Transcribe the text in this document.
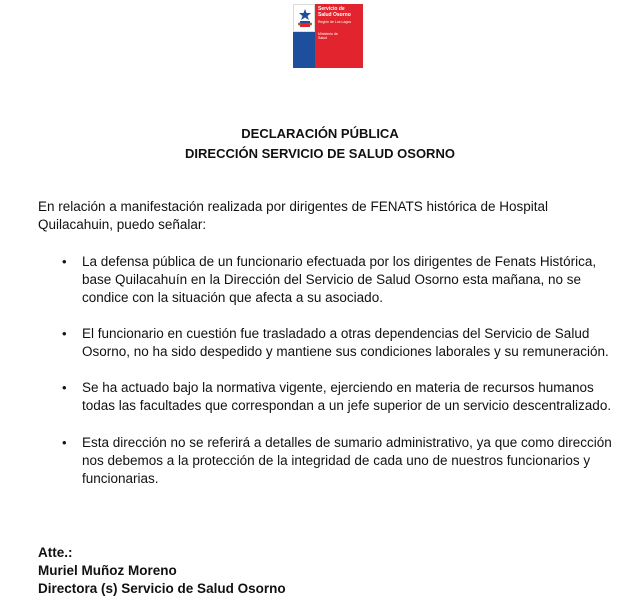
Servicio de
Salud Osorno
Región de Los Lagos
Ministerio de
Salud
DECLARACIÓN PÚBLICA
DIRECCIÓN SERVICIO DE SALUD OSORNO
En relación a manifestación realizada por dirigentes de FENATS histórica de Hospital
Quilacahuin, puedo señalar:
• La defensa pública de un funcionario efectuada por los dirigentes de Fenats Histórica,
base Quilacahuín en la Dirección del Servicio de Salud Osorno esta mañana, no se
condice con la situación que afecta a su asociado.
• El funcionario en cuestión fue trasladado a otras dependencias del Servicio de Salud
Osorno, no ha sido despedido y mantiene sus condiciones laborales y su remuneración.
• Se ha actuado bajo la normativa vigente, ejerciendo en materia de recursos humanos
todas las facultades que correspondan a un jefe superior de un servicio descentralizado.
• Esta dirección no se referirá a detalles de sumario administrativo, ya que como dirección
nos debemos a la protección de la integridad de cada uno de nuestros funcionarios y
funcionarias.
Atte.:
Muriel Muñoz Moreno
Directora (s) Servicio de Salud Osorno
